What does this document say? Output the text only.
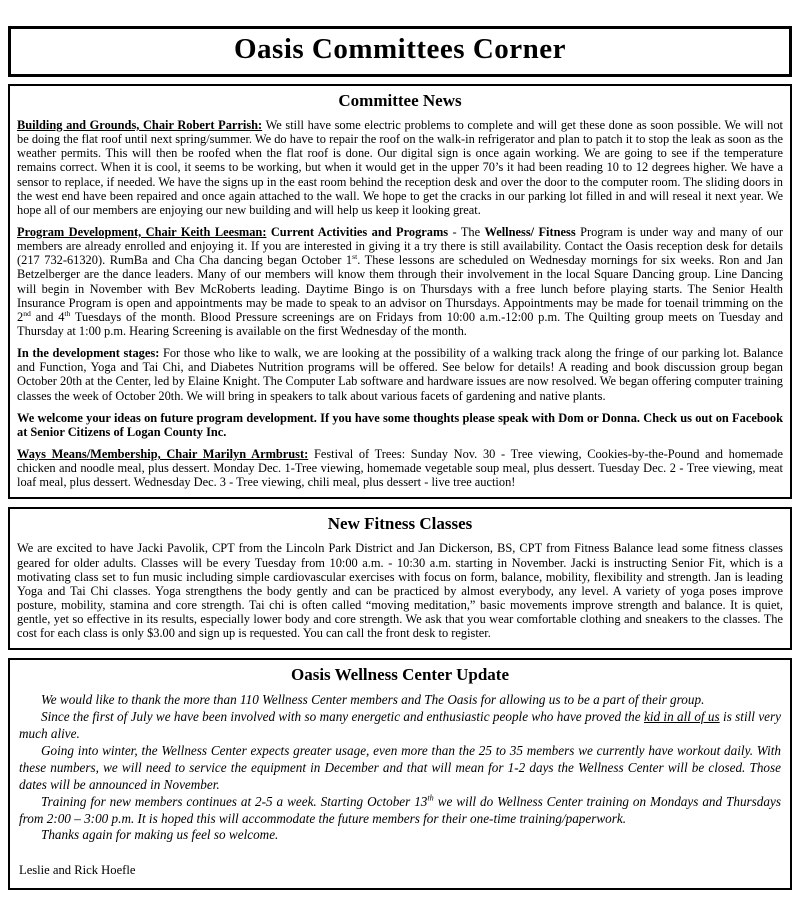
Oasis Committees Corner
Committee News

Building and Grounds, Chair Robert Parrish: We still have some electric problems to complete and will get these done as soon possible. We will not be doing the flat roof until next spring/summer. We do have to repair the roof on the walk-in refrigerator and plan to patch it to stop the leak as soon as the weather permits. This will then be roofed when the flat roof is done. Our digital sign is once again working. We are going to see if the temperature remains correct. When it is cool, it seems to be working, but when it would get in the upper 70’s it had been reading 10 to 12 degrees higher. We have a sensor to replace, if needed. We have the signs up in the east room behind the reception desk and over the door to the computer room. The sliding doors in the west end have been repaired and once again attached to the wall. We hope to get the cracks in our parking lot filled in and will reseal it next year. We hope all of our members are enjoying our new building and will help us keep it looking great.

Program Development, Chair Keith Leesman: Current Activities and Programs - The Wellness/ Fitness Program is under way and many of our members are already enrolled and enjoying it. If you are interested in giving it a try there is still availability. Contact the Oasis reception desk for details (217 732-61320). RumBa and Cha Cha dancing began October 1st. These lessons are scheduled on Wednesday mornings for six weeks. Ron and Jan Betzelberger are the dance leaders. Many of our members will know them through their involvement in the local Square Dancing group. Line Dancing will begin in November with Bev McRoberts leading. Daytime Bingo is on Thursdays with a free lunch before playing starts. The Senior Health Insurance Program is open and appointments may be made to speak to an advisor on Thursdays. Appointments may be made for toenail trimming on the 2nd and 4th Tuesdays of the month. Blood Pressure screenings are on Fridays from 10:00 a.m.-12:00 p.m. The Quilting group meets on Tuesday and Thursday at 1:00 p.m. Hearing Screening is available on the first Wednesday of the month.

In the development stages: For those who like to walk, we are looking at the possibility of a walking track along the fringe of our parking lot. Balance and Function, Yoga and Tai Chi, and Diabetes Nutrition programs will be offered. See below for details! A reading and book discussion group began October 20th at the Center, led by Elaine Knight. The Computer Lab software and hardware issues are now resolved. We began offering computer training classes the week of October 20th. We will bring in speakers to talk about various facets of gardening and native plants.

We welcome your ideas on future program development. If you have some thoughts please speak with Dom or Donna. Check us out on Facebook at Senior Citizens of Logan County Inc.

Ways Means/Membership, Chair Marilyn Armbrust: Festival of Trees: Sunday Nov. 30 - Tree viewing, Cookies-by-the-Pound and homemade chicken and noodle meal, plus dessert. Monday Dec. 1-Tree viewing, homemade vegetable soup meal, plus dessert. Tuesday Dec. 2 - Tree viewing, meat loaf meal, plus dessert. Wednesday Dec. 3 - Tree viewing, chili meal, plus dessert - live tree auction!

New Fitness Classes

We are excited to have Jacki Pavolik, CPT from the Lincoln Park District and Jan Dickerson, BS, CPT from Fitness Balance lead some fitness classes geared for older adults. Classes will be every Tuesday from 10:00 a.m. - 10:30 a.m. starting in November. Jacki is instructing Senior Fit, which is a motivating class set to fun music including simple cardiovascular exercises with focus on form, balance, mobility, flexibility and strength. Jan is leading Yoga and Tai Chi classes. Yoga strengthens the body gently and can be practiced by almost everybody, any level. A variety of yoga poses improve posture, mobility, stamina and core strength. Tai chi is often called “moving meditation,” basic movements improve strength and balance. It is quiet, gentle, yet so effective in its results, especially lower body and core strength. We ask that you wear comfortable clothing and sneakers to the classes. The cost for each class is only $3.00 and sign up is requested. You can call the front desk to register.

Oasis Wellness Center Update

We would like to thank the more than 110 Wellness Center members and The Oasis for allowing us to be a part of their group.

Since the first of July we have been involved with so many energetic and enthusiastic people who have proved the kid in all of us is still very much alive.

Going into winter, the Wellness Center expects greater usage, even more than the 25 to 35 members we currently have workout daily. With these numbers, we will need to service the equipment in December and that will mean for 1-2 days the Wellness Center will be closed. Those dates will be announced in November.

Training for new members continues at 2-5 a week. Starting October 13th we will do Wellness Center training on Mondays and Thursdays from 2:00 – 3:00 p.m. It is hoped this will accommodate the future members for their one-time training/paperwork.

Thanks again for making us feel so welcome.

Leslie and Rick Hoefle
